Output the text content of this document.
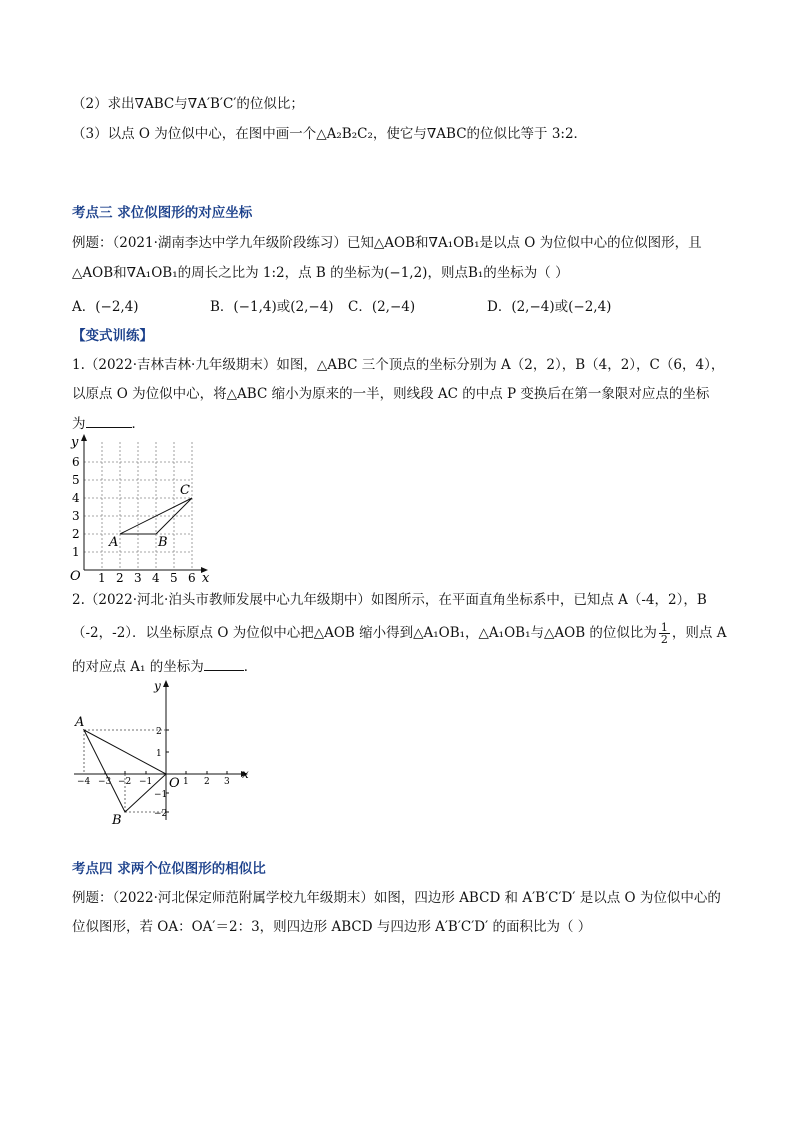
（2）求出∇ABC与∇A′B′C′的位似比；
（3）以点 O 为位似中心，在图中画一个△A₂B₂C₂，使它与∇ABC的位似比等于 3:2．
考点三 求位似图形的对应坐标
例题：（2021·湖南李达中学九年级阶段练习）已知△AOB和∇A₁OB₁是以点 O 为位似中心的位似图形，且
△AOB和∇A₁OB₁的周长之比为 1:2，点 B 的坐标为(−1,2)，则点B₁的坐标为（ ）
A．(−2,4)	B．(−1,4)或(2,−4) C．(2,−4)	D．(2,−4)或(−2,4)
【变式训练】
1.（2022·吉林吉林·九年级期末）如图，△ABC 三个顶点的坐标分别为 A（2，2），B（4，2），C（6，4），
以原点 O 为位似中心，将△ABC 缩小为原来的一半，则线段 AC 的中点 P 变换后在第一象限对应点的坐标
为	．
y
x
O
1
2
3
4
5
6
1 2 3 4 5 6
A	B
C
2.（2022·河北·泊头市教师发展中心九年级期中）如图所示，在平面直角坐标系中，已知点 A（-4，2），B
（-2，-2）．以坐标原点 O 为位似中心把△AOB 缩小得到△A₁OB₁，△A₁OB₁与△AOB 的位似比为 $\frac{1}{2}$ ，则点 A
的对应点 A₁ 的坐标为	．
y
x
O
−4 −3 −2 −1	1 2 3
2
1
−1
−2
A
B
考点四 求两个位似图形的相似比
例题：（2022·河北保定师范附属学校九年级期末）如图，四边形 ABCD 和 A′B′C′D′ 是以点 O 为位似中心的
位似图形，若 OA：OA′＝2：3，则四边形 ABCD 与四边形 A′B′C′D′ 的面积比为（ ）
